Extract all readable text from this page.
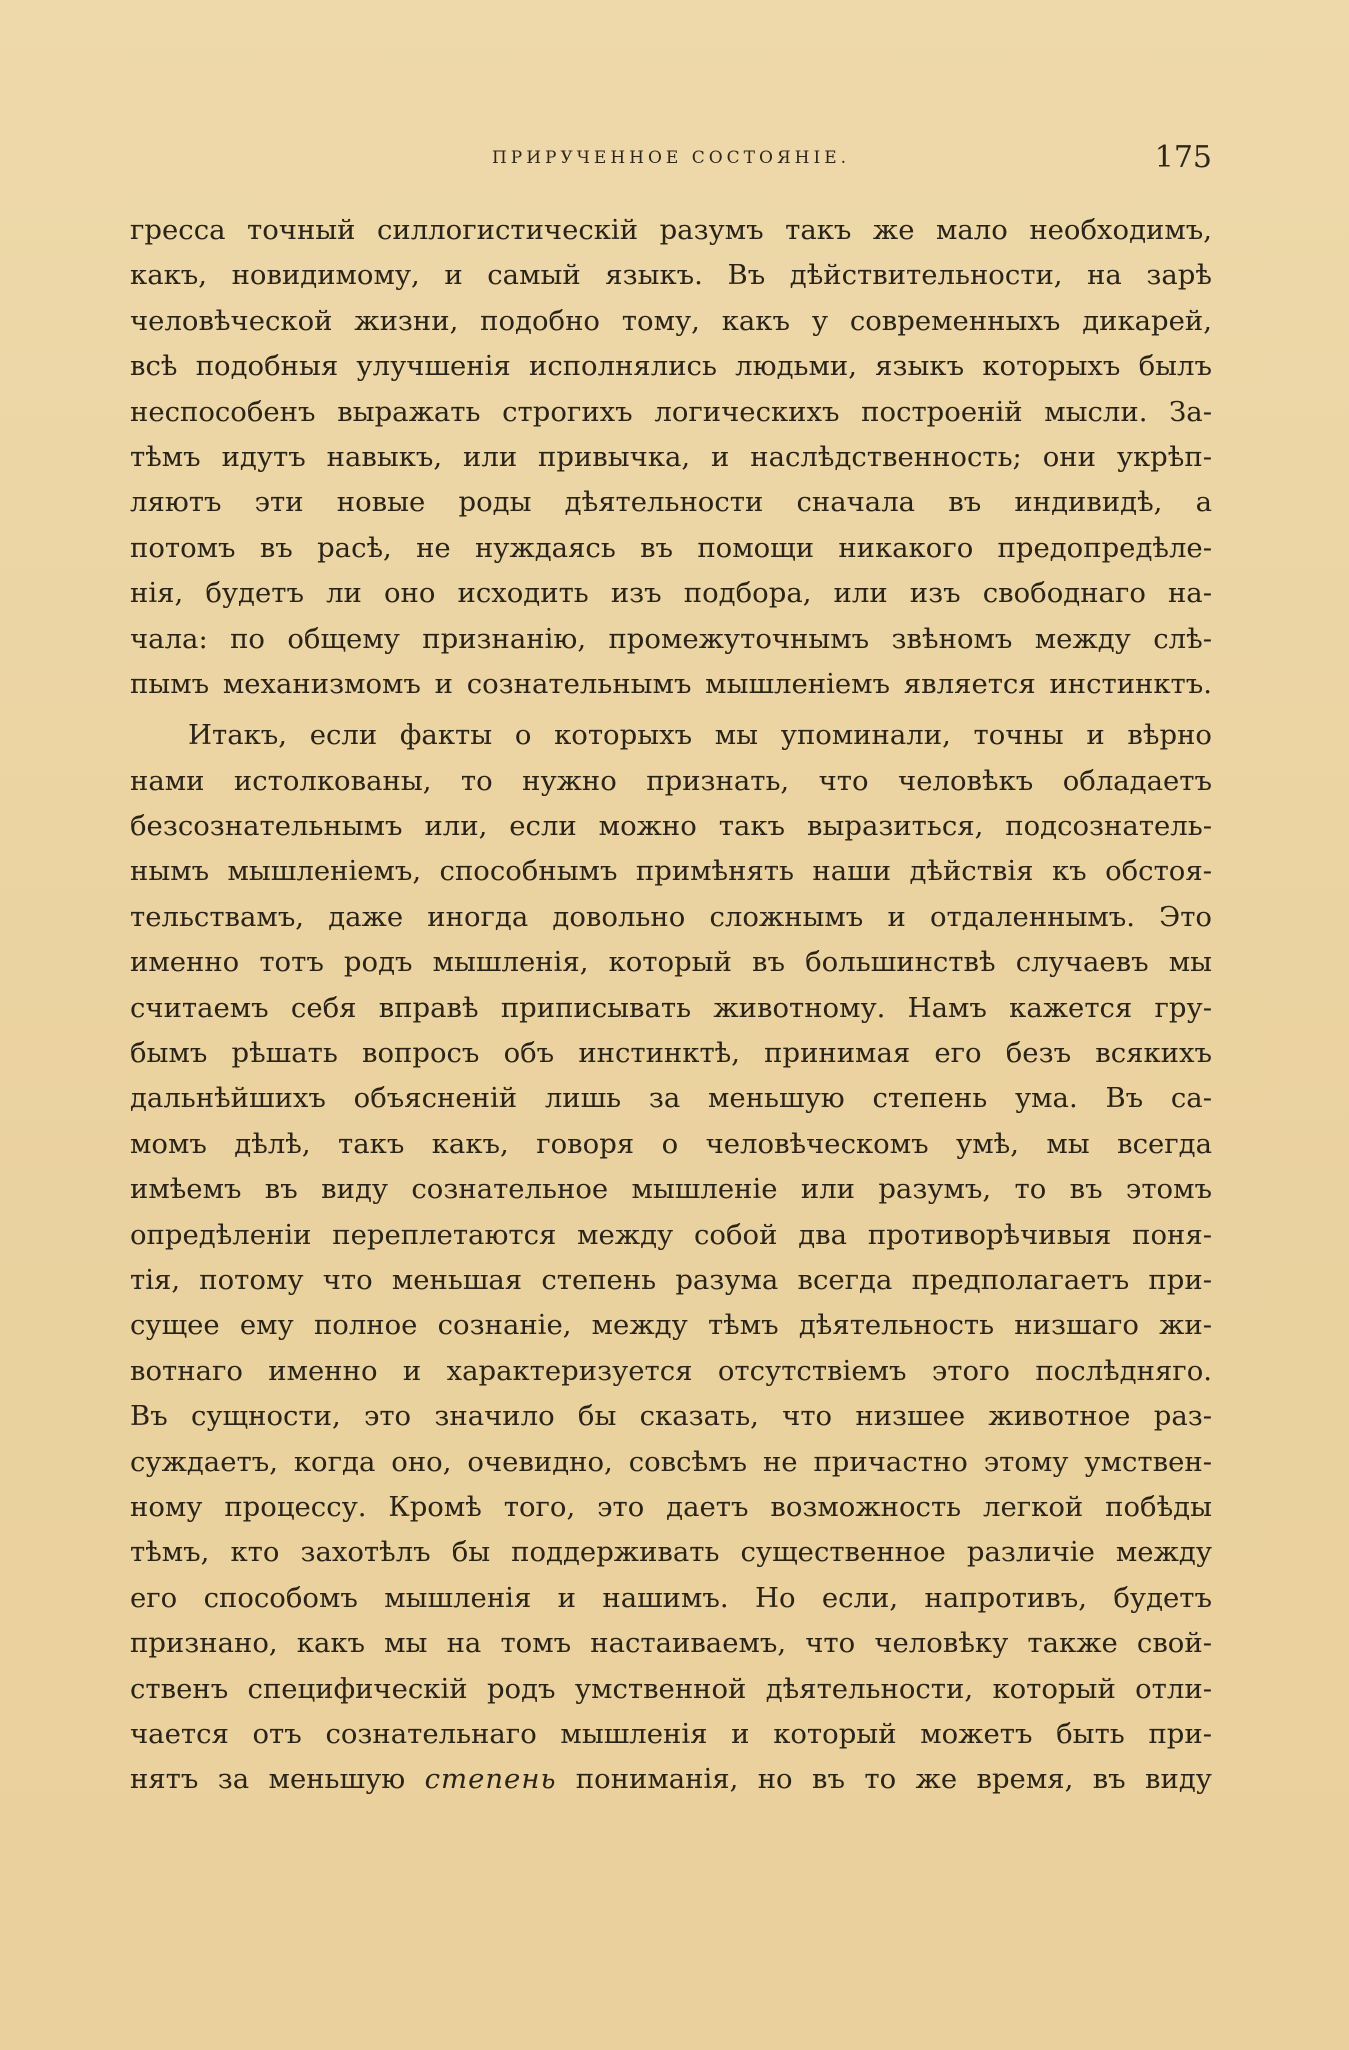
ПРИРУЧЕННОЕ СОСТОЯНІЕ.	175
гресса точный силлогистическій разумъ такъ же мало необходимъ,
какъ, новидимому, и самый языкъ. Въ дѣйствительности, на зарѣ
человѣческой жизни, подобно тому, какъ у современныхъ дикарей,
всѣ подобныя улучшенія исполнялись людьми, языкъ которыхъ былъ
неспособенъ выражать строгихъ логическихъ построеній мысли. За-
тѣмъ идутъ навыкъ, или привычка, и наслѣдственность; они укрѣп-
ляютъ эти новые роды дѣятельности сначала въ индивидѣ, а
потомъ въ расѣ, не нуждаясь въ помощи никакого предопредѣле-
нія, будетъ ли оно исходить изъ подбора, или изъ свободнаго на-
чала: по общему признанію, промежуточнымъ звѣномъ между слѣ-
пымъ механизмомъ и сознательнымъ мышленіемъ является инстинктъ.
Итакъ, если факты о которыхъ мы упоминали, точны и вѣрно
нами истолкованы, то нужно признать, что человѣкъ обладаетъ
безсознательнымъ или, если можно такъ выразиться, подсознатель-
нымъ мышленіемъ, способнымъ примѣнять наши дѣйствія къ обстоя-
тельствамъ, даже иногда довольно сложнымъ и отдаленнымъ. Это
именно тотъ родъ мышленія, который въ большинствѣ случаевъ мы
считаемъ себя вправѣ приписывать животному. Намъ кажется гру-
бымъ рѣшать вопросъ объ инстинктѣ, принимая его безъ всякихъ
дальнѣйшихъ объясненій лишь за меньшую степень ума. Въ са-
момъ дѣлѣ, такъ какъ, говоря о человѣческомъ умѣ, мы всегда
имѣемъ въ виду сознательное мышленіе или разумъ, то въ этомъ
опредѣленіи переплетаются между собой два противорѣчивыя поня-
тія, потому что меньшая степень разума всегда предполагаетъ при-
сущее ему полное сознаніе, между тѣмъ дѣятельность низшаго жи-
вотнаго именно и характеризуется отсутствіемъ этого послѣдняго.
Въ сущности, это значило бы сказать, что низшее животное раз-
суждаетъ, когда оно, очевидно, совсѣмъ не причастно этому умствен-
ному процессу. Кромѣ того, это даетъ возможность легкой побѣды
тѣмъ, кто захотѣлъ бы поддерживать существенное различіе между
его способомъ мышленія и нашимъ. Но если, напротивъ, будетъ
признано, какъ мы на томъ настаиваемъ, что человѣку также свой-
ственъ специфическій родъ умственной дѣятельности, который отли-
чается отъ сознательнаго мышленія и который можетъ быть при-
нятъ за меньшую степень пониманія, но въ то же время, въ виду
